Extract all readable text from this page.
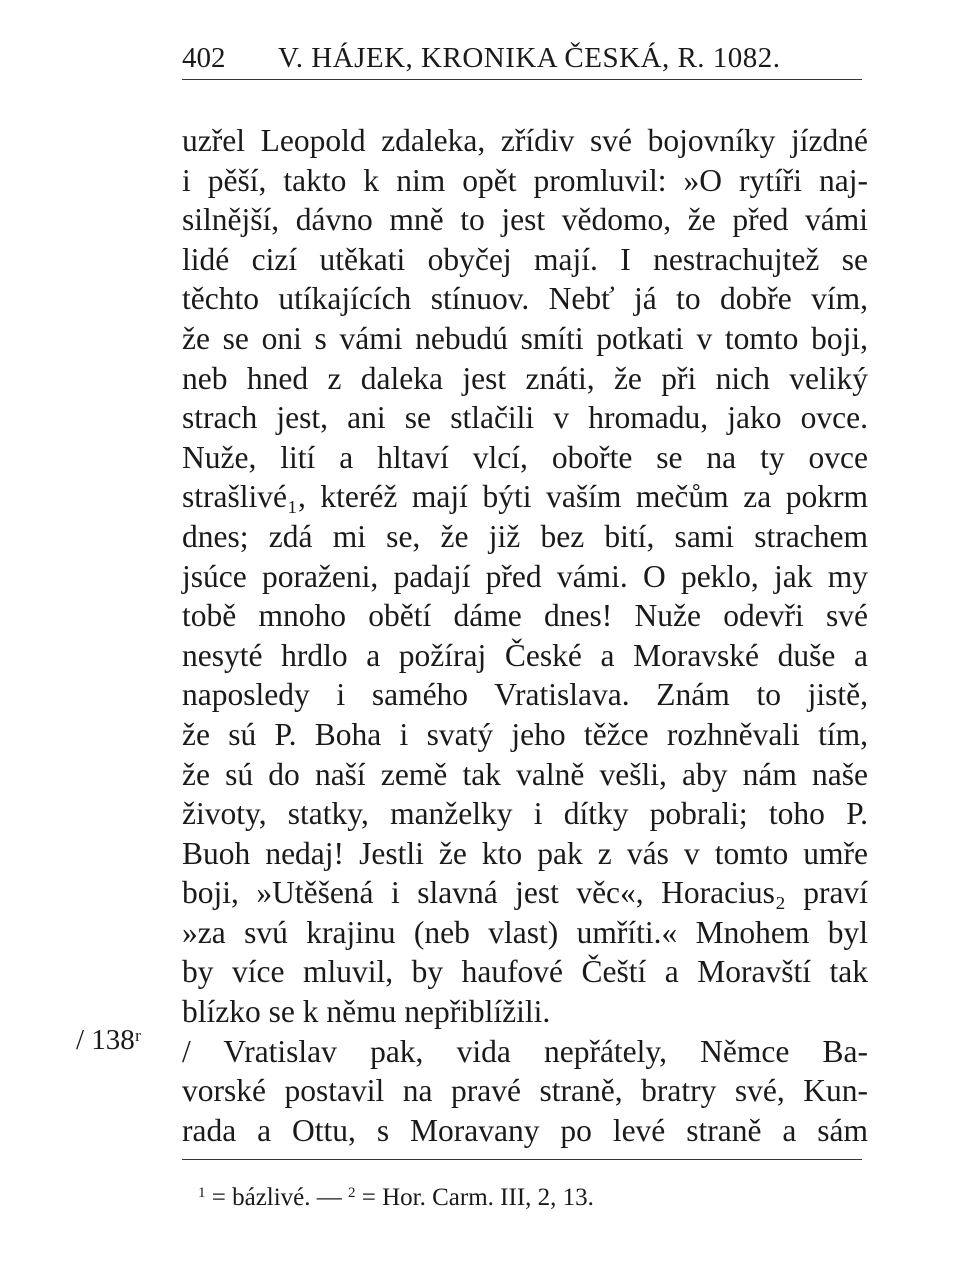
402 V. HÁJEK, KRONIKA ČESKÁ, R. 1082.
uzřel Leopold zdaleka, zřídiv své bojovníky jízdné
i pěší, takto k nim opět promluvil: »O rytíři naj-
silnější, dávno mně to jest vědomo, že před vámi
lidé cizí utěkati obyčej mají. I nestrachujtež se
těchto utíkajících stínuov. Nebť já to dobře vím,
že se oni s vámi nebudú smíti potkati v tomto boji,
neb hned z daleka jest znáti, že při nich veliký
strach jest, ani se stlačili v hromadu, jako ovce.
Nuže, lití a hltaví vlcí, obořte se na ty ovce
strašlivé₁, kteréž mají býti vaším mečům za pokrm
dnes; zdá mi se, že již bez bití, sami strachem
jsúce poraženi, padají před vámi. O peklo, jak my
tobě mnoho obětí dáme dnes! Nuže odevři své
nesyté hrdlo a požíraj České a Moravské duše a
naposledy i samého Vratislava. Znám to jistě,
že sú P. Boha i svatý jeho těžce rozhněvali tím,
že sú do naší země tak valně vešli, aby nám naše
životy, statky, manželky i dítky pobrali; toho P.
Buoh nedaj! Jestli že kto pak z vás v tomto umře
boji, »Utěšená i slavná jest věc«, Horacius₂ praví
»za svú krajinu (neb vlast) umříti.« Mnohem byl
by více mluvil, by haufové Čeští a Moravští tak
blízko se k němu nepřiblížili.
/ Vratislav pak, vida nepřátely, Němce Ba-
vorské postavil na pravé straně, bratry své, Kun-
rada a Ottu, s Moravany po levé straně a sám
/ 138ʳ
$^1$ = bázlivé. — $^2$ = Hor. Carm. III, 2, 13.
